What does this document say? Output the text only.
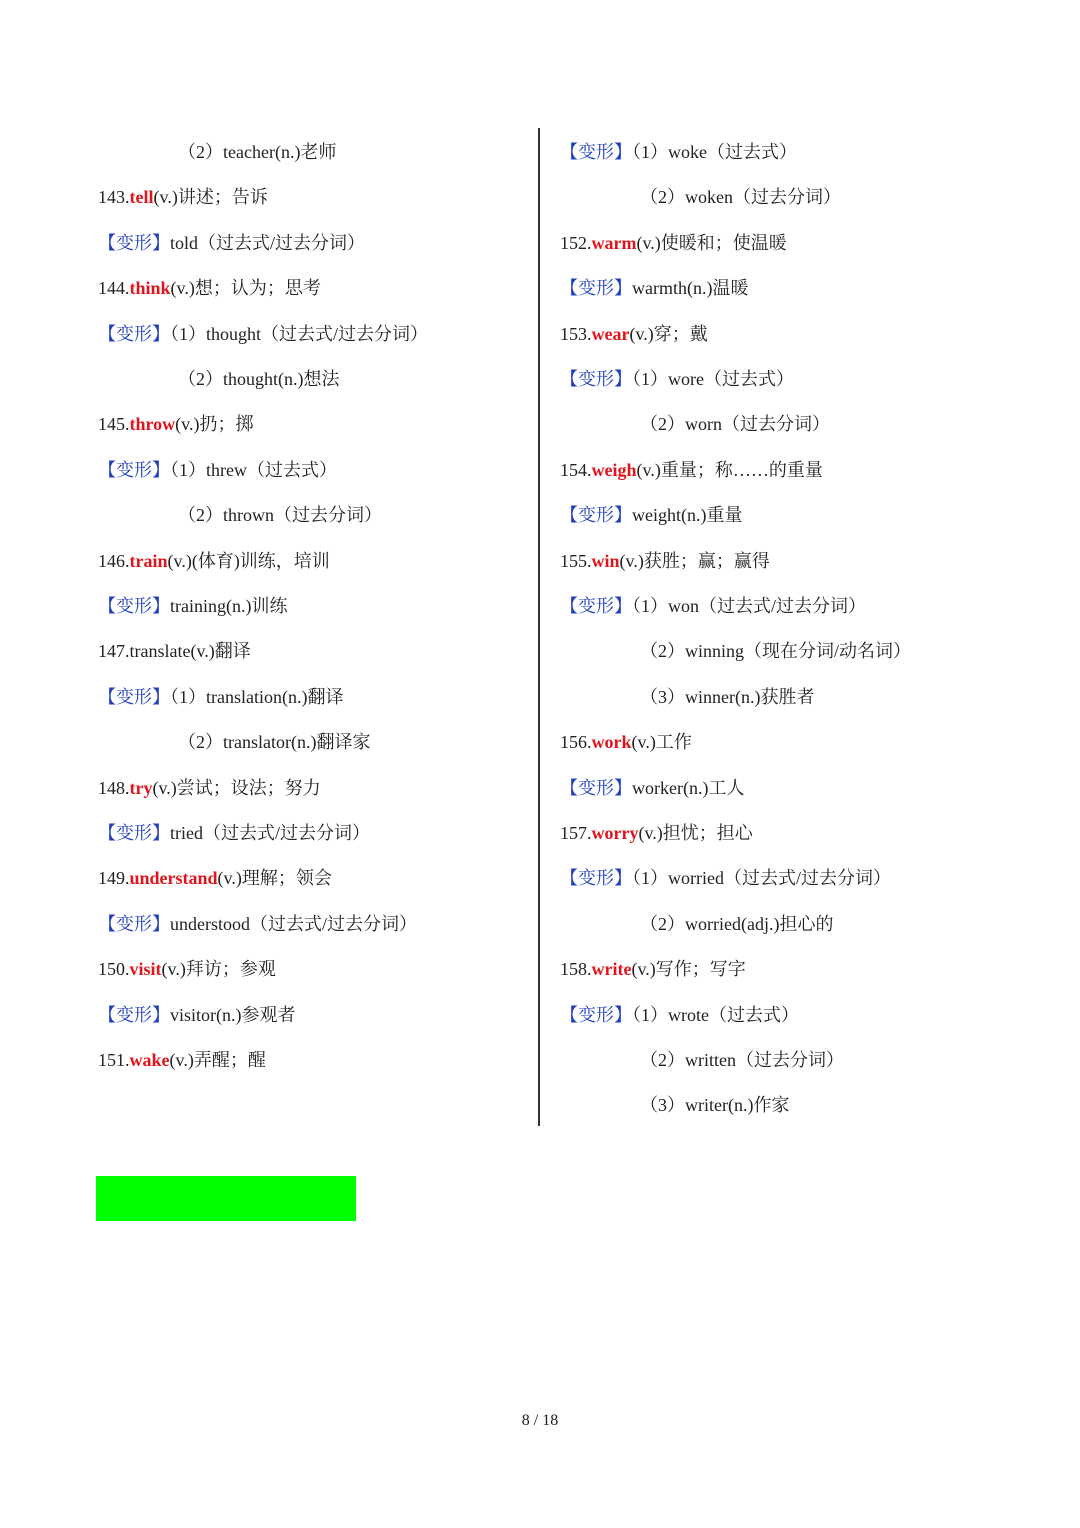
（2）teacher(n.)老师
143.tell(v.)讲述；告诉
【变形】told（过去式/过去分词）
144.think(v.)想；认为；思考
【变形】（1）thought（过去式/过去分词）
（2）thought(n.)想法
145.throw(v.)扔；掷
【变形】（1）threw（过去式）
（2）thrown（过去分词）
146.train(v.)(体育)训练，培训
【变形】training(n.)训练
147.translate(v.)翻译
【变形】（1）translation(n.)翻译
（2）translator(n.)翻译家
148.try(v.)尝试；设法；努力
【变形】tried（过去式/过去分词）
149.understand(v.)理解；领会
【变形】understood（过去式/过去分词）
150.visit(v.)拜访；参观
【变形】visitor(n.)参观者
151.wake(v.)弄醒；醒
【变形】（1）woke（过去式）
（2）woken（过去分词）
152.warm(v.)使暖和；使温暖
【变形】warmth(n.)温暖
153.wear(v.)穿；戴
【变形】（1）wore（过去式）
（2）worn（过去分词）
154.weigh(v.)重量；称……的重量
【变形】weight(n.)重量
155.win(v.)获胜；赢；赢得
【变形】（1）won（过去式/过去分词）
（2）winning（现在分词/动名词）
（3）winner(n.)获胜者
156.work(v.)工作
【变形】worker(n.)工人
157.worry(v.)担忧；担心
【变形】（1）worried（过去式/过去分词）
（2）worried(adj.)担心的
158.write(v.)写作；写字
【变形】（1）wrote（过去式）
（2）written（过去分词）
（3）writer(n.)作家
8 / 18
